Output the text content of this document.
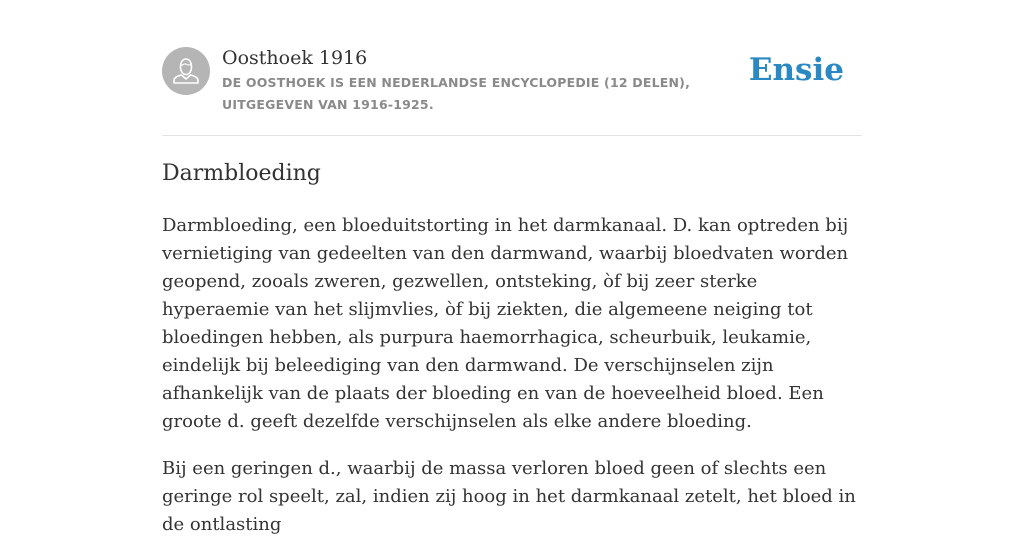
Oosthoek 1916
DE OOSTHOEK IS EEN NEDERLANDSE ENCYCLOPEDIE (12 DELEN), UITGEGEVEN VAN 1916-1925.
Ensie
Darmbloeding

Darmbloeding, een bloeduitstorting in het darmkanaal. D. kan optreden bij vernietiging van gedeelten van den darmwand, waarbij bloedvaten worden geopend, zooals zweren, gezwellen, ontsteking, òf bij zeer sterke hyperaemie van het slijmvlies, òf bij ziekten, die algemeene neiging tot bloedingen hebben, als purpura haemorrhagica, scheurbuik, leukamie, eindelijk bij beleediging van den darmwand. De verschijnselen zijn afhankelijk van de plaats der bloeding en van de hoeveelheid bloed. Een groote d. geeft dezelfde verschijnselen als elke andere bloeding.

Bij een geringen d., waarbij de massa verloren bloed geen of slechts een geringe rol speelt, zal, indien zij hoog in het darmkanaal zetelt, het bloed in de ontlasting
